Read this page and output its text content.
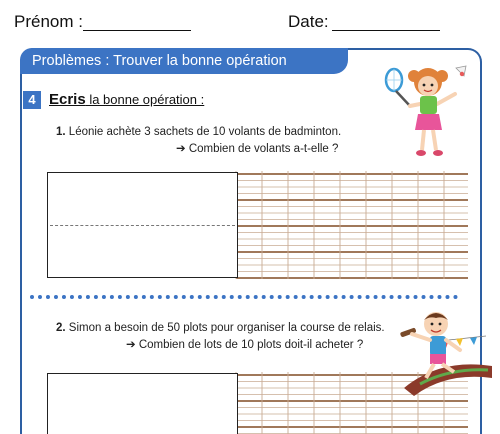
Prénom :	Date:
Problèmes : Trouver la bonne opération
4 Ecris la bonne opération :
1. Léonie achète 3 sachets de 10 volants de badminton.
➔ Combien de volants a-t-elle ?
2. Simon a besoin de 50 plots pour organiser la course de relais.
➔ Combien de lots de 10 plots doit-il acheter ?
